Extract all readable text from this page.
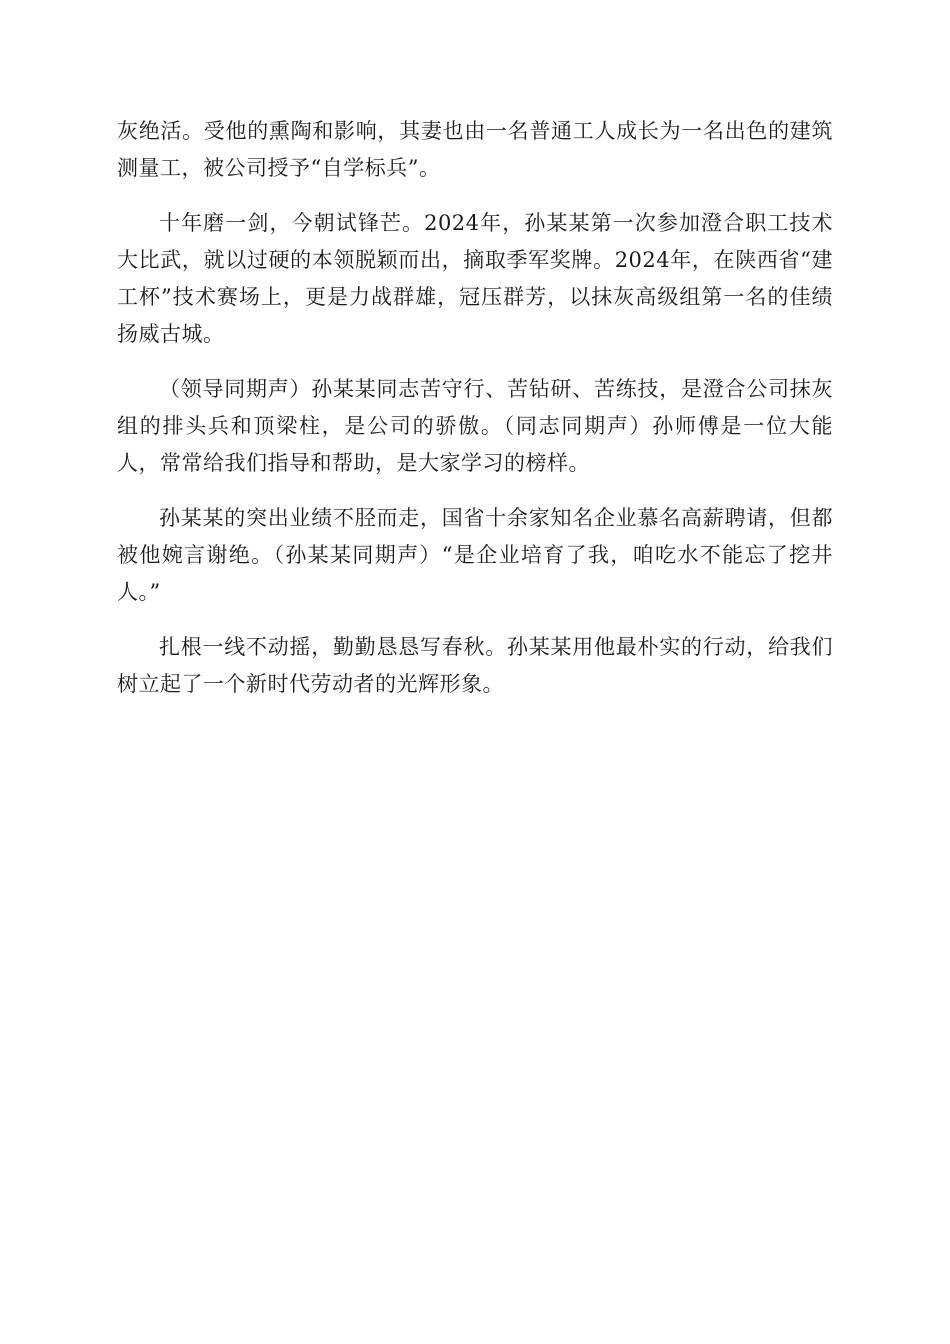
灰绝活。受他的熏陶和影响，其妻也由一名普通工人成长为一名出色的建筑测量工，被公司授予“自学标兵”。

十年磨一剑，今朝试锋芒。2024年，孙某某第一次参加澄合职工技术大比武，就以过硬的本领脱颖而出，摘取季军奖牌。2024年，在陕西省“建工杯”技术赛场上，更是力战群雄，冠压群芳，以抹灰高级组第一名的佳绩扬威古城。

（领导同期声）孙某某同志苦守行、苦钻研、苦练技，是澄合公司抹灰组的排头兵和顶梁柱，是公司的骄傲。（同志同期声）孙师傅是一位大能人，常常给我们指导和帮助，是大家学习的榜样。

孙某某的突出业绩不胫而走，国省十余家知名企业慕名高薪聘请，但都被他婉言谢绝。（孙某某同期声）“是企业培育了我，咱吃水不能忘了挖井人。”

扎根一线不动摇，勤勤恳恳写春秋。孙某某用他最朴实的行动，给我们树立起了一个新时代劳动者的光辉形象。
